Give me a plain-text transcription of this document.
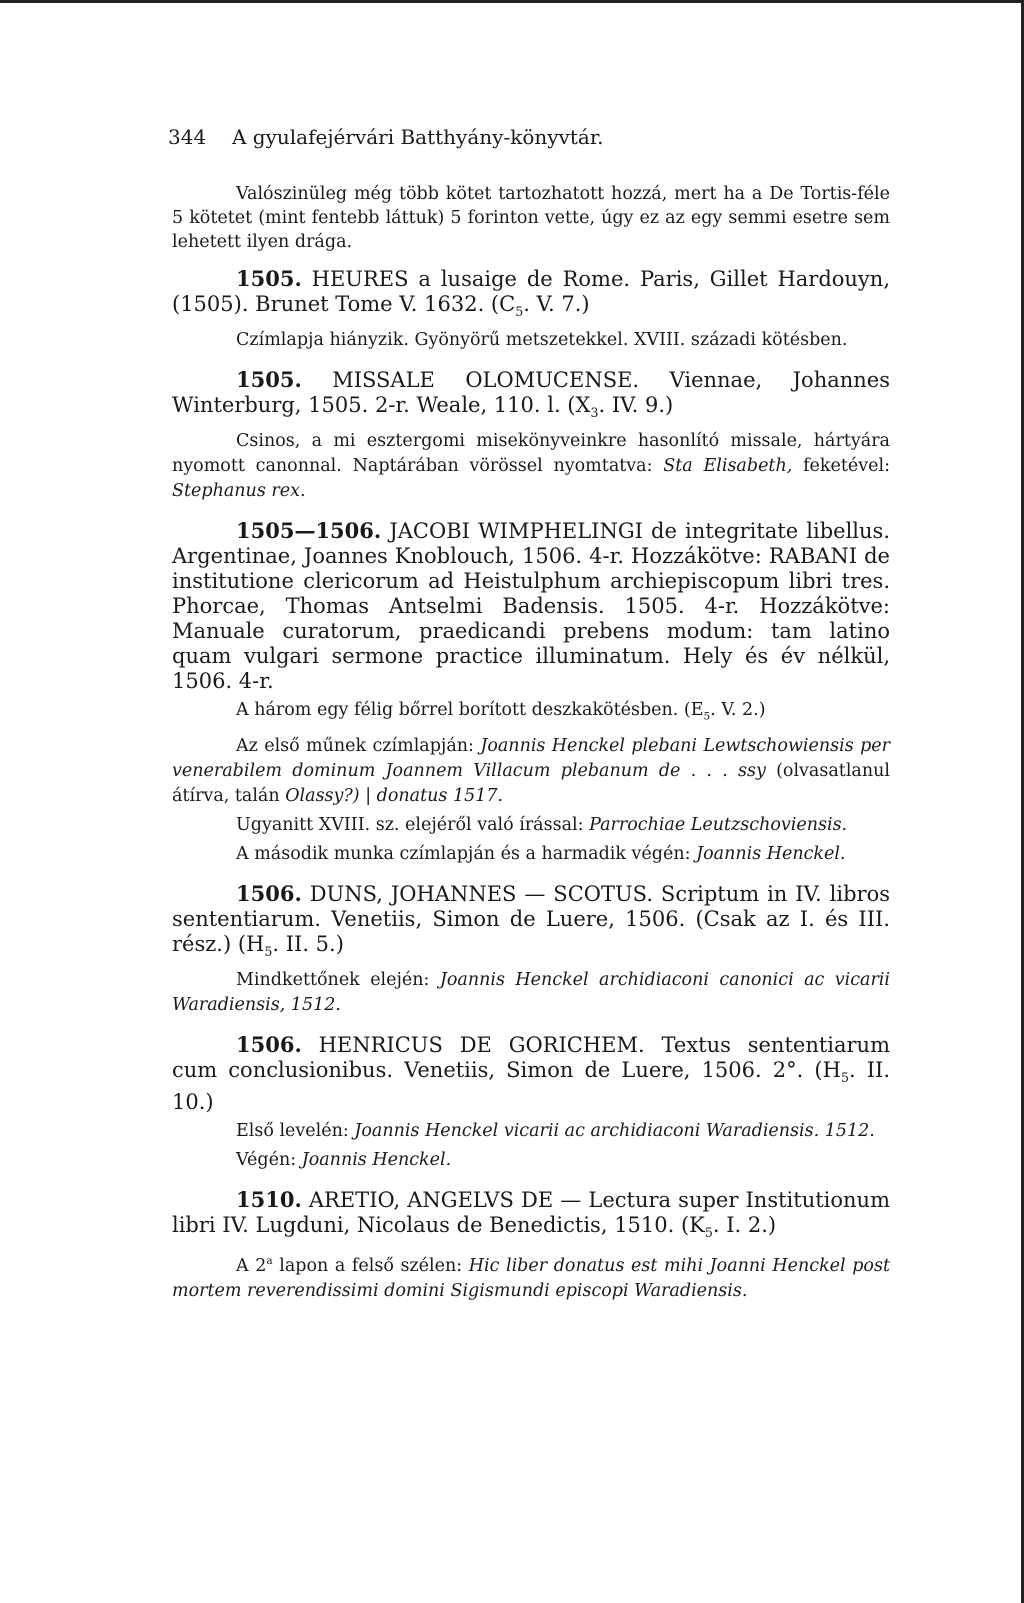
344 A gyulafejérvári Batthyány-könyvtár.

Valószinüleg még több kötet tartozhatott hozzá, mert ha a De Tortis-féle 5 kötetet (mint fentebb láttuk) 5 forinton vette, úgy ez az egy semmi esetre sem lehetett ilyen drága.

1505. HEURES a lusaige de Rome. Paris, Gillet Hardouyn, (1505). Brunet Tome V. 1632. ($C_5$. V. 7.)

Czímlapja hiányzik. Gyönyörű metszetekkel. XVIII. századi kötésben.

1505. MISSALE OLOMUCENSE. Viennae, Johannes Winterburg, 1505. 2-r. Weale, 110. l. ($X_3$. IV. 9.)

Csinos, a mi esztergomi misekönyveinkre hasonlító missale, hártyára nyomott canonnal. Naptárában vörössel nyomtatva: Sta Elisabeth, feketével: Stephanus rex.

1505—1506. JACOBI WIMPHELINGI de integritate libellus. Argentinae, Joannes Knoblouch, 1506. 4-r. Hozzákötve: RABANI de institutione clericorum ad Heistulphum archiepiscopum libri tres. Phorcae, Thomas Antselmi Badensis. 1505. 4-r. Hozzákötve: Manuale curatorum, praedicandi prebens modum: tam latino quam vulgari sermone practice illuminatum. Hely és év nélkül, 1506. 4-r.

A három egy félig bőrrel borított deszkakötésben. ($E_5$. V. 2.)

Az első műnek czímlapján: Joannis Henckel plebani Lewtschowiensis per venerabilem dominum Joannem Villacum plebanum de . . . ssy (olvasatlanul átírva, talán Olassy?) | donatus 1517.

Ugyanitt XVIII. sz. elejéről való írással: Parrochiae Leutzschoviensis.

A második munka czímlapján és a harmadik végén: Joannis Henckel.

1506. DUNS, JOHANNES — SCOTUS. Scriptum in IV. libros sententiarum. Venetiis, Simon de Luere, 1506. (Csak az I. és III. rész.) ($H_5$. II. 5.)

Mindkettőnek elején: Joannis Henckel archidiaconi canonici ac vicarii Waradiensis, 1512.

1506. HENRICUS DE GORICHEM. Textus sententiarum cum conclusionibus. Venetiis, Simon de Luere, 1506. 2°. ($H_5$. II. 10.)

Első levelén: Joannis Henckel vicarii ac archidiaconi Waradiensis. 1512.

Végén: Joannis Henckel.

1510. ARETIO, ANGELVS DE — Lectura super Institutionum libri IV. Lugduni, Nicolaus de Benedictis, 1510. ($K_5$. I. 2.)

A 2$^a$ lapon a felső szélen: Hic liber donatus est mihi Joanni Henckel post mortem reverendissimi domini Sigismundi episcopi Waradiensis.
